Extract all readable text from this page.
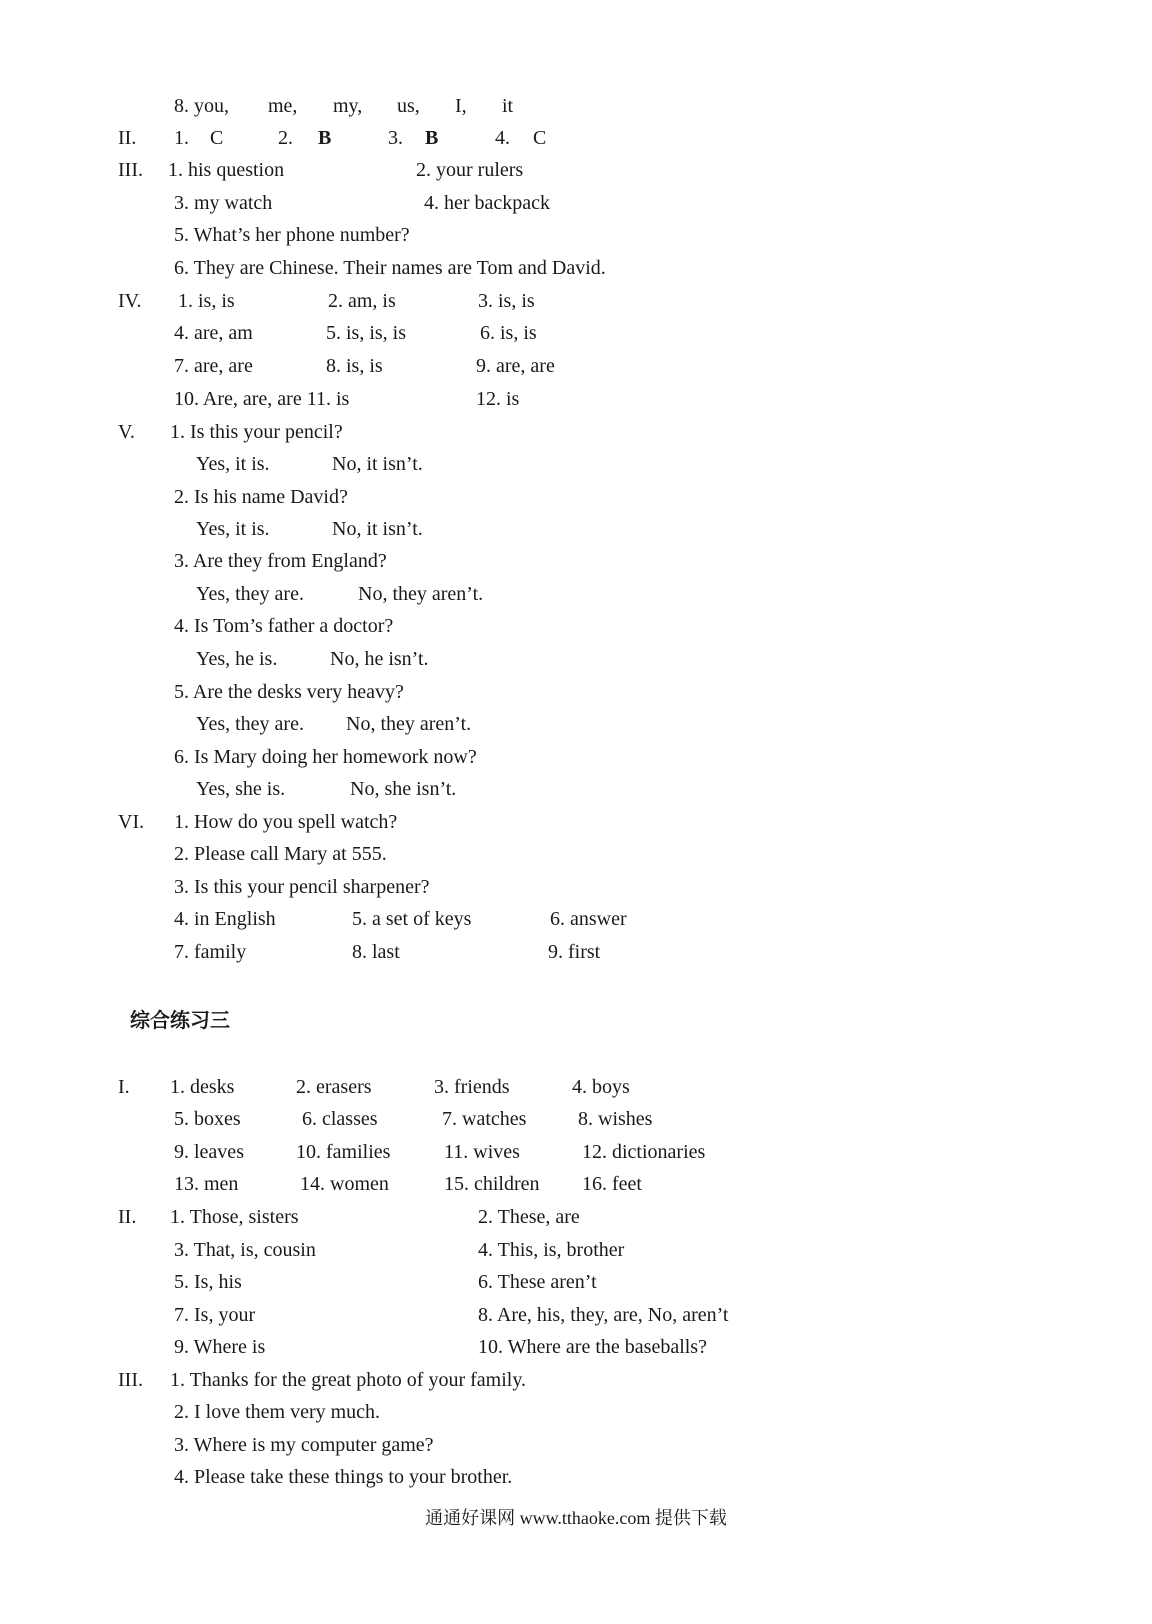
8. you, me, my, us, I, it
II. 1. C	2. B	3. B	4. C
III. 1. his question	2. your rulers
3. my watch	4. her backpack
5. What’s her phone number?
6. They are Chinese. Their names are Tom and David.
IV. 1. is, is	2. am, is	3. is, is
4. are, am	5. is, is, is	6. is, is
7. are, are	8. is, is	9. are, are
10. Are, are, are 11. is	12. is
V. 1. Is this your pencil?
Yes, it is.	No, it isn’t.
2. Is his name David?
Yes, it is.	No, it isn’t.
3. Are they from England?
Yes, they are.	No, they aren’t.
4. Is Tom’s father a doctor?
Yes, he is.	No, he isn’t.
5. Are the desks very heavy?
Yes, they are. No, they aren’t.
6. Is Mary doing her homework now?
Yes, she is.	No, she isn’t.
VI. 1. How do you spell watch?
2. Please call Mary at 555.
3. Is this your pencil sharpener?
4. in English	5. a set of keys	6. answer
7. family	8. last	9. first
综合练习三
I. 1. desks	2. erasers	3. friends	4. boys
5. boxes	6. classes	7. watches	8. wishes
9. leaves	10. families	11. wives	12. dictionaries
13. men	14. women	15. children 16. feet
II. 1. Those, sisters	2. These, are
3. That, is, cousin	4. This, is, brother
5. Is, his	6. These aren’t
7. Is, your	8. Are, his, they, are, No, aren’t
9. Where is	10. Where are the baseballs?
III. 1. Thanks for the great photo of your family.
2. I love them very much.
3. Where is my computer game?
4. Please take these things to your brother.
通通好课网 www.tthaoke.com 提供下载
